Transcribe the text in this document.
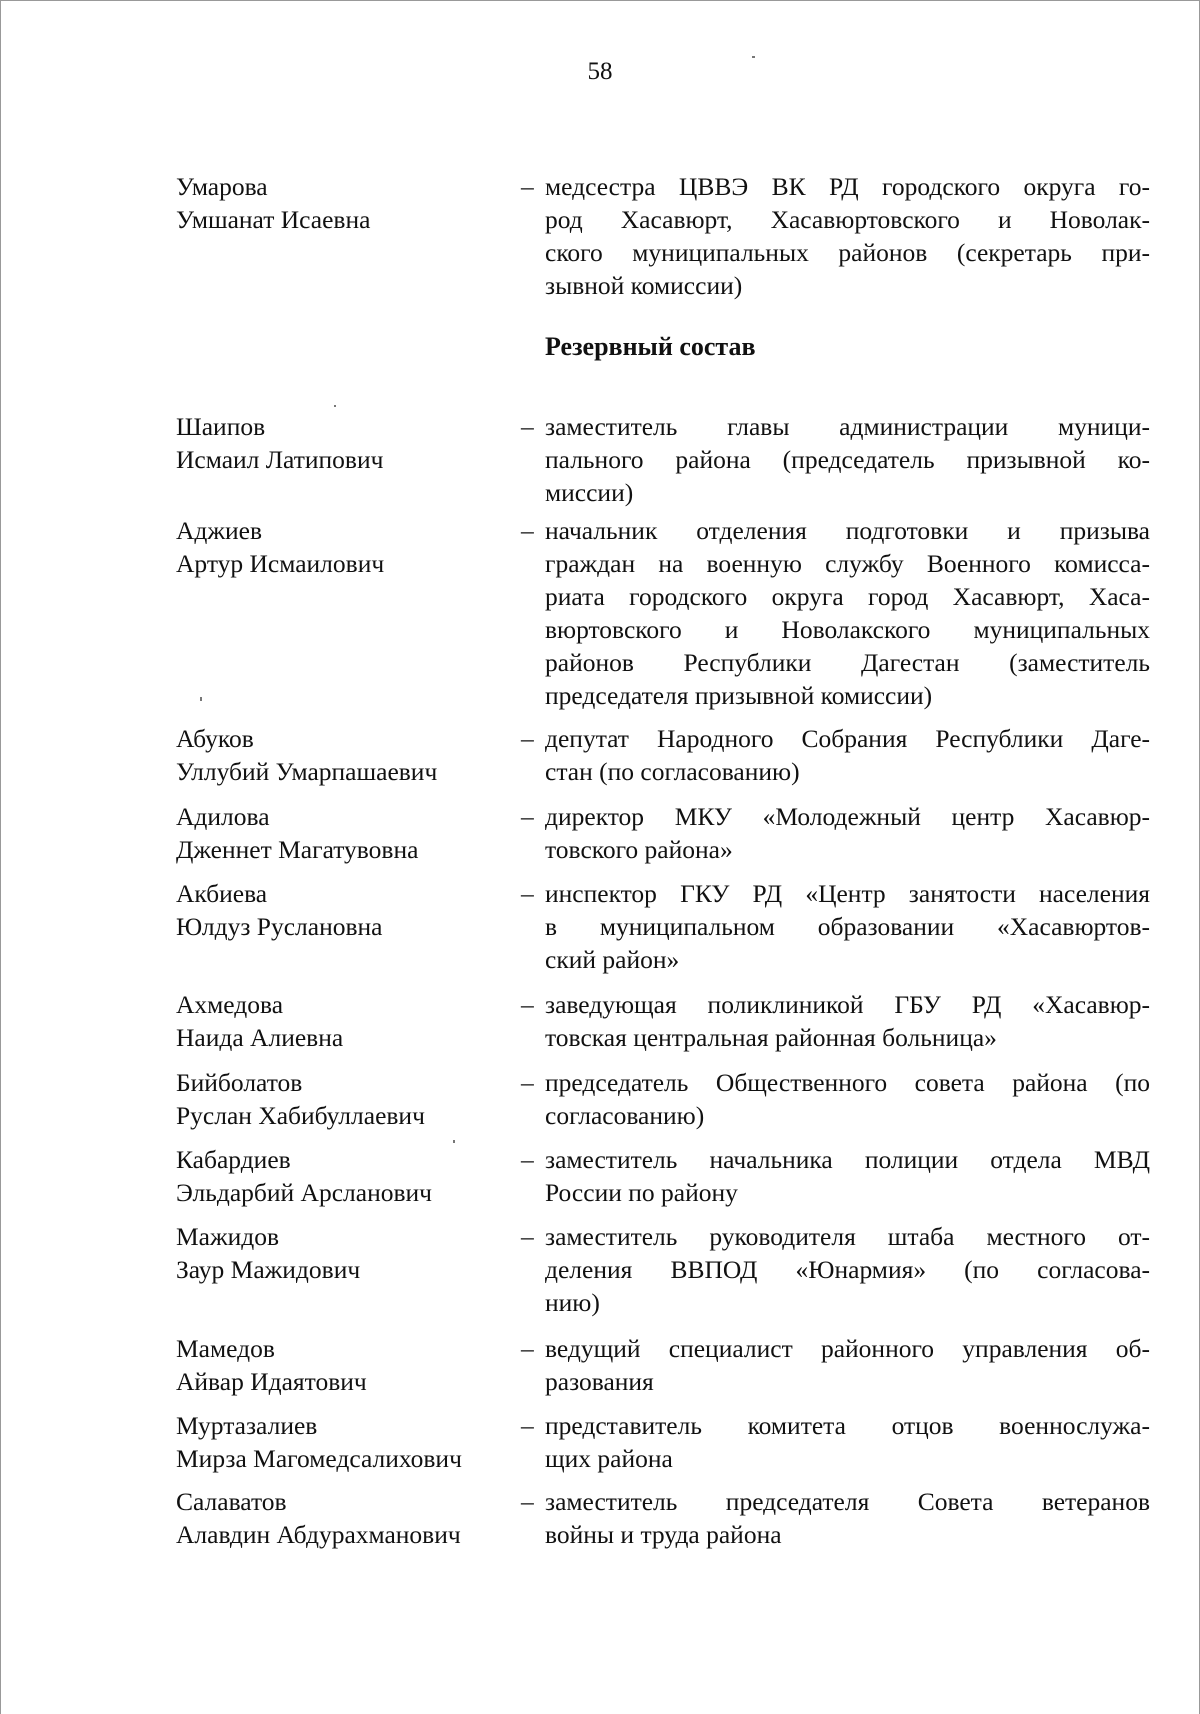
58
Резервный состав
Умарова
Умшанат Исаевна
– медсестра ЦВВЭ ВК РД городского округа го-
род Хасавюрт, Хасавюртовского и Новолак-
ского муниципальных районов (секретарь при-
зывной комиссии)
Шаипов
Исмаил Латипович
– заместитель главы администрации муници-
пального района (председатель призывной ко-
миссии)
Аджиев
Артур Исмаилович
– начальник отделения подготовки и призыва
граждан на военную службу Военного комисса-
риата городского округа город Хасавюрт, Хаса-
вюртовского и Новолакского муниципальных
районов Республики Дагестан (заместитель
председателя призывной комиссии)
Абуков
Уллубий Умарпашаевич
– депутат Народного Собрания Республики Даге-
стан (по согласованию)
Адилова
Дженнет Магатувовна
– директор МКУ «Молодежный центр Хасавюр-
товского района»
Акбиева
Юлдуз Руслановна
– инспектор ГКУ РД «Центр занятости населения
в муниципальном образовании «Хасавюртов-
ский район»
Ахмедова
Наида Алиевна
– заведующая поликлиникой ГБУ РД «Хасавюр-
товская центральная районная больница»
Бийболатов
Руслан Хабибуллаевич
– председатель Общественного совета района (по
согласованию)
Кабардиев
Эльдарбий Арсланович
– заместитель начальника полиции отдела МВД
России по району
Мажидов
Заур Мажидович
– заместитель руководителя штаба местного от-
деления ВВПОД «Юнармия» (по согласова-
нию)
Мамедов
Айвар Идаятович
– ведущий специалист районного управления об-
разования
Муртазалиев
Мирза Магомедсалихович
– представитель комитета отцов военнослужа-
щих района
Салаватов
Алавдин Абдурахманович
– заместитель председателя Совета ветеранов
войны и труда района
